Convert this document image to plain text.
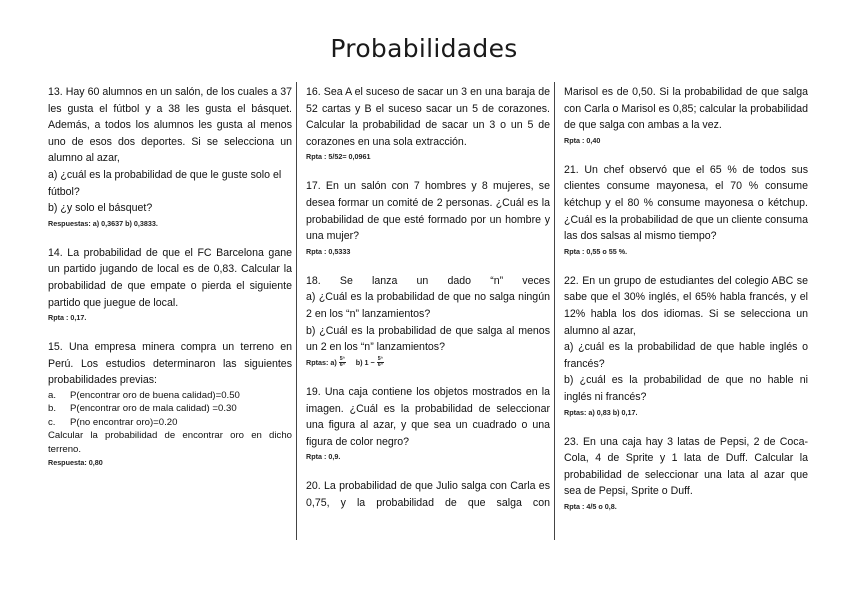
Probabilidades

13. Hay 60 alumnos en un salón, de los cuales a 37 les gusta el fútbol y a 38 les gusta el básquet. Además, a todos los alumnos les gusta al menos uno de esos dos deportes. Si se selecciona un alumno al azar,

a) ¿cuál es la probabilidad de que le guste solo el fútbol?

b) ¿y solo el básquet?

Respuestas: a) 0,3637 b) 0,3833.

14. La probabilidad de que el FC Barcelona gane un partido jugando de local es de 0,83. Calcular la probabilidad de que empate o pierda el siguiente partido que juegue de local.

Rpta : 0,17.

15. Una empresa minera compra un terreno en Perú. Los estudios determinaron las siguientes probabilidades previas:

a.	P(encontrar oro de buena calidad)=0.50
b.	P(encontrar oro de mala calidad) =0.30
c.	P(no encontrar oro)=0.20

Calcular la probabilidad de encontrar oro en dicho terreno.

Respuesta: 0,80

16. Sea A el suceso de sacar un 3 en una baraja de 52 cartas y B el suceso sacar un 5 de corazones. Calcular la probabilidad de sacar un 3 o un 5 de corazones en una sola extracción.

Rpta : 5/52= 0,0961

17. En un salón con 7 hombres y 8 mujeres, se desea formar un comité de 2 personas. ¿Cuál es la probabilidad de que esté formado por un hombre y una mujer?

Rpta : 0,5333

18. Se lanza un dado “n” veces

a) ¿Cuál es la probabilidad de que no salga ningún 2 en los “n” lanzamientos?

b) ¿Cuál es la probabilidad de que salga al menos un 2 en los “n” lanzamientos?

Rptas: $a) \frac{\text{5ⁿ}}{\text{6ⁿ}} b$) $1 - \frac{\text{5ⁿ}}{\text{6ⁿ}}$

19. Una caja contiene los objetos mostrados en la imagen. ¿Cuál es la probabilidad de seleccionar una figura al azar, y que sea un cuadrado o una figura de color negro?

Rpta : 0,9.

20. La probabilidad de que Julio salga con Carla es 0,75, y la probabilidad de que salga con

Marisol es de 0,50. Si la probabilidad de que salga con Carla o Marisol es 0,85; calcular la probabilidad de que salga con ambas a la vez.

Rpta : 0,40

21. Un chef observó que el 65 % de todos sus clientes consume mayonesa, el 70 % consume kétchup y el 80 % consume mayonesa o kétchup. ¿Cuál es la probabilidad de que un cliente consuma las dos salsas al mismo tiempo?

Rpta : 0,55 o 55 %.

22. En un grupo de estudiantes del colegio ABC se sabe que el 30% inglés, el 65% habla francés, y el 12% habla los dos idiomas. Si se selecciona un alumno al azar,

a) ¿cuál es la probabilidad de que hable inglés o francés?

b) ¿cuál es la probabilidad de que no hable ni inglés ni francés?

Rptas: a) 0,83 b) 0,17.

23. En una caja hay 3 latas de Pepsi, 2 de Coca-Cola, 4 de Sprite y 1 lata de Duff. Calcular la probabilidad de seleccionar una lata al azar que sea de Pepsi, Sprite o Duff.

Rpta : 4/5 o 0,8.
